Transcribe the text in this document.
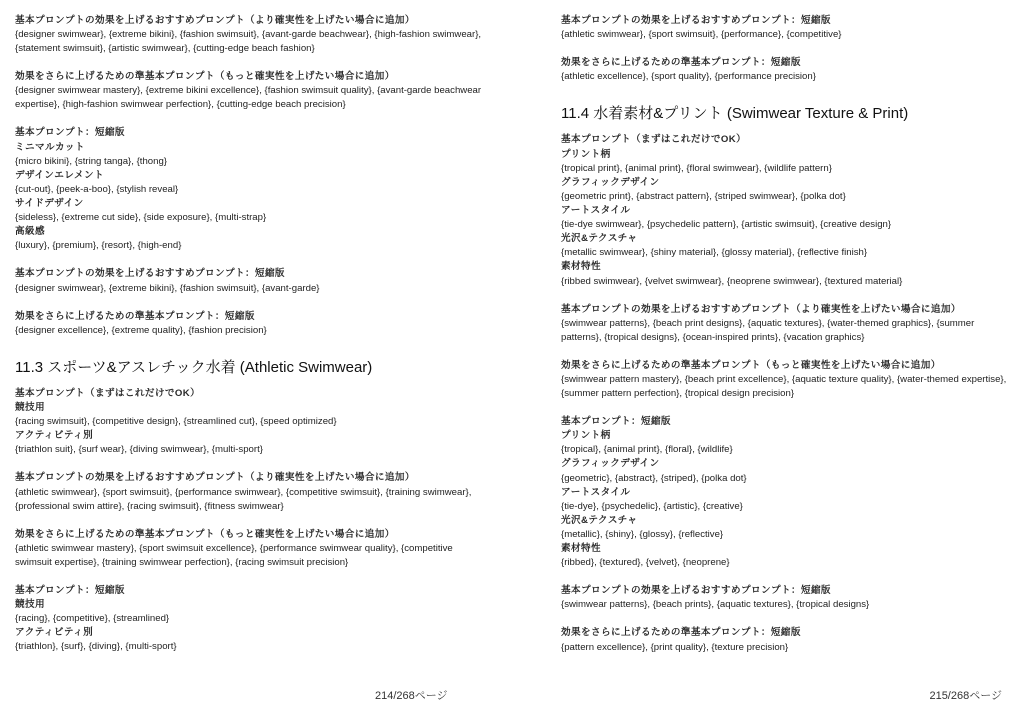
基本プロンプトの効果を上げるおすすめプロンプト（より確実性を上げたい場合に追加）
{designer swimwear}, {extreme bikini}, {fashion swimsuit}, {avant-garde beachwear}, {high-fashion swimwear}, {statement swimsuit}, {artistic swimwear}, {cutting-edge beach fashion}
効果をさらに上げるための準基本プロンプト（もっと確実性を上げたい場合に追加）
{designer swimwear mastery}, {extreme bikini excellence}, {fashion swimsuit quality}, {avant-garde beachwear expertise}, {high-fashion swimwear perfection}, {cutting-edge beach precision}
基本プロンプト：短縮版
ミニマルカット
{micro bikini}, {string tanga}, {thong}
デザインエレメント
{cut-out}, {peek-a-boo}, {stylish reveal}
サイドデザイン
{sideless}, {extreme cut side}, {side exposure}, {multi-strap}
高級感
{luxury}, {premium}, {resort}, {high-end}
基本プロンプトの効果を上げるおすすめプロンプト：短縮版
{designer swimwear}, {extreme bikini}, {fashion swimsuit}, {avant-garde}
効果をさらに上げるための準基本プロンプト：短縮版
{designer excellence}, {extreme quality}, {fashion precision}
11.3 スポーツ&アスレチック水着 (Athletic Swimwear)
基本プロンプト（まずはこれだけでOK）
競技用
{racing swimsuit}, {competitive design}, {streamlined cut}, {speed optimized}
アクティビティ別
{triathlon suit}, {surf wear}, {diving swimwear}, {multi-sport}
基本プロンプトの効果を上げるおすすめプロンプト（より確実性を上げたい場合に追加）
{athletic swimwear}, {sport swimsuit}, {performance swimwear}, {competitive swimsuit}, {training swimwear}, {professional swim attire}, {racing swimsuit}, {fitness swimwear}
効果をさらに上げるための準基本プロンプト（もっと確実性を上げたい場合に追加）
{athletic swimwear mastery}, {sport swimsuit excellence}, {performance swimwear quality}, {competitive swimsuit expertise}, {training swimwear perfection}, {racing swimsuit precision}
基本プロンプト：短縮版
競技用
{racing}, {competitive}, {streamlined}
アクティビティ別
{triathlon}, {surf}, {diving}, {multi-sport}
214/268ページ
基本プロンプトの効果を上げるおすすめプロンプト：短縮版
{athletic swimwear}, {sport swimsuit}, {performance}, {competitive}
効果をさらに上げるための準基本プロンプト：短縮版
{athletic excellence}, {sport quality}, {performance precision}
11.4 水着素材&プリント (Swimwear Texture & Print)
基本プロンプト（まずはこれだけでOK）
プリント柄
{tropical print}, {animal print}, {floral swimwear}, {wildlife pattern}
グラフィックデザイン
{geometric print}, {abstract pattern}, {striped swimwear}, {polka dot}
アートスタイル
{tie-dye swimwear}, {psychedelic pattern}, {artistic swimsuit}, {creative design}
光沢&テクスチャ
{metallic swimwear}, {shiny material}, {glossy material}, {reflective finish}
素材特性
{ribbed swimwear}, {velvet swimwear}, {neoprene swimwear}, {textured material}
基本プロンプトの効果を上げるおすすめプロンプト（より確実性を上げたい場合に追加）
{swimwear patterns}, {beach print designs}, {aquatic textures}, {water-themed graphics}, {summer patterns}, {tropical designs}, {ocean-inspired prints}, {vacation graphics}
効果をさらに上げるための準基本プロンプト（もっと確実性を上げたい場合に追加）
{swimwear pattern mastery}, {beach print excellence}, {aquatic texture quality}, {water-themed expertise}, {summer pattern perfection}, {tropical design precision}
基本プロンプト：短縮版
プリント柄
{tropical}, {animal print}, {floral}, {wildlife}
グラフィックデザイン
{geometric}, {abstract}, {striped}, {polka dot}
アートスタイル
{tie-dye}, {psychedelic}, {artistic}, {creative}
光沢&テクスチャ
{metallic}, {shiny}, {glossy}, {reflective}
素材特性
{ribbed}, {textured}, {velvet}, {neoprene}
基本プロンプトの効果を上げるおすすめプロンプト：短縮版
{swimwear patterns}, {beach prints}, {aquatic textures}, {tropical designs}
効果をさらに上げるための準基本プロンプト：短縮版
{pattern excellence}, {print quality}, {texture precision}
215/268ページ
